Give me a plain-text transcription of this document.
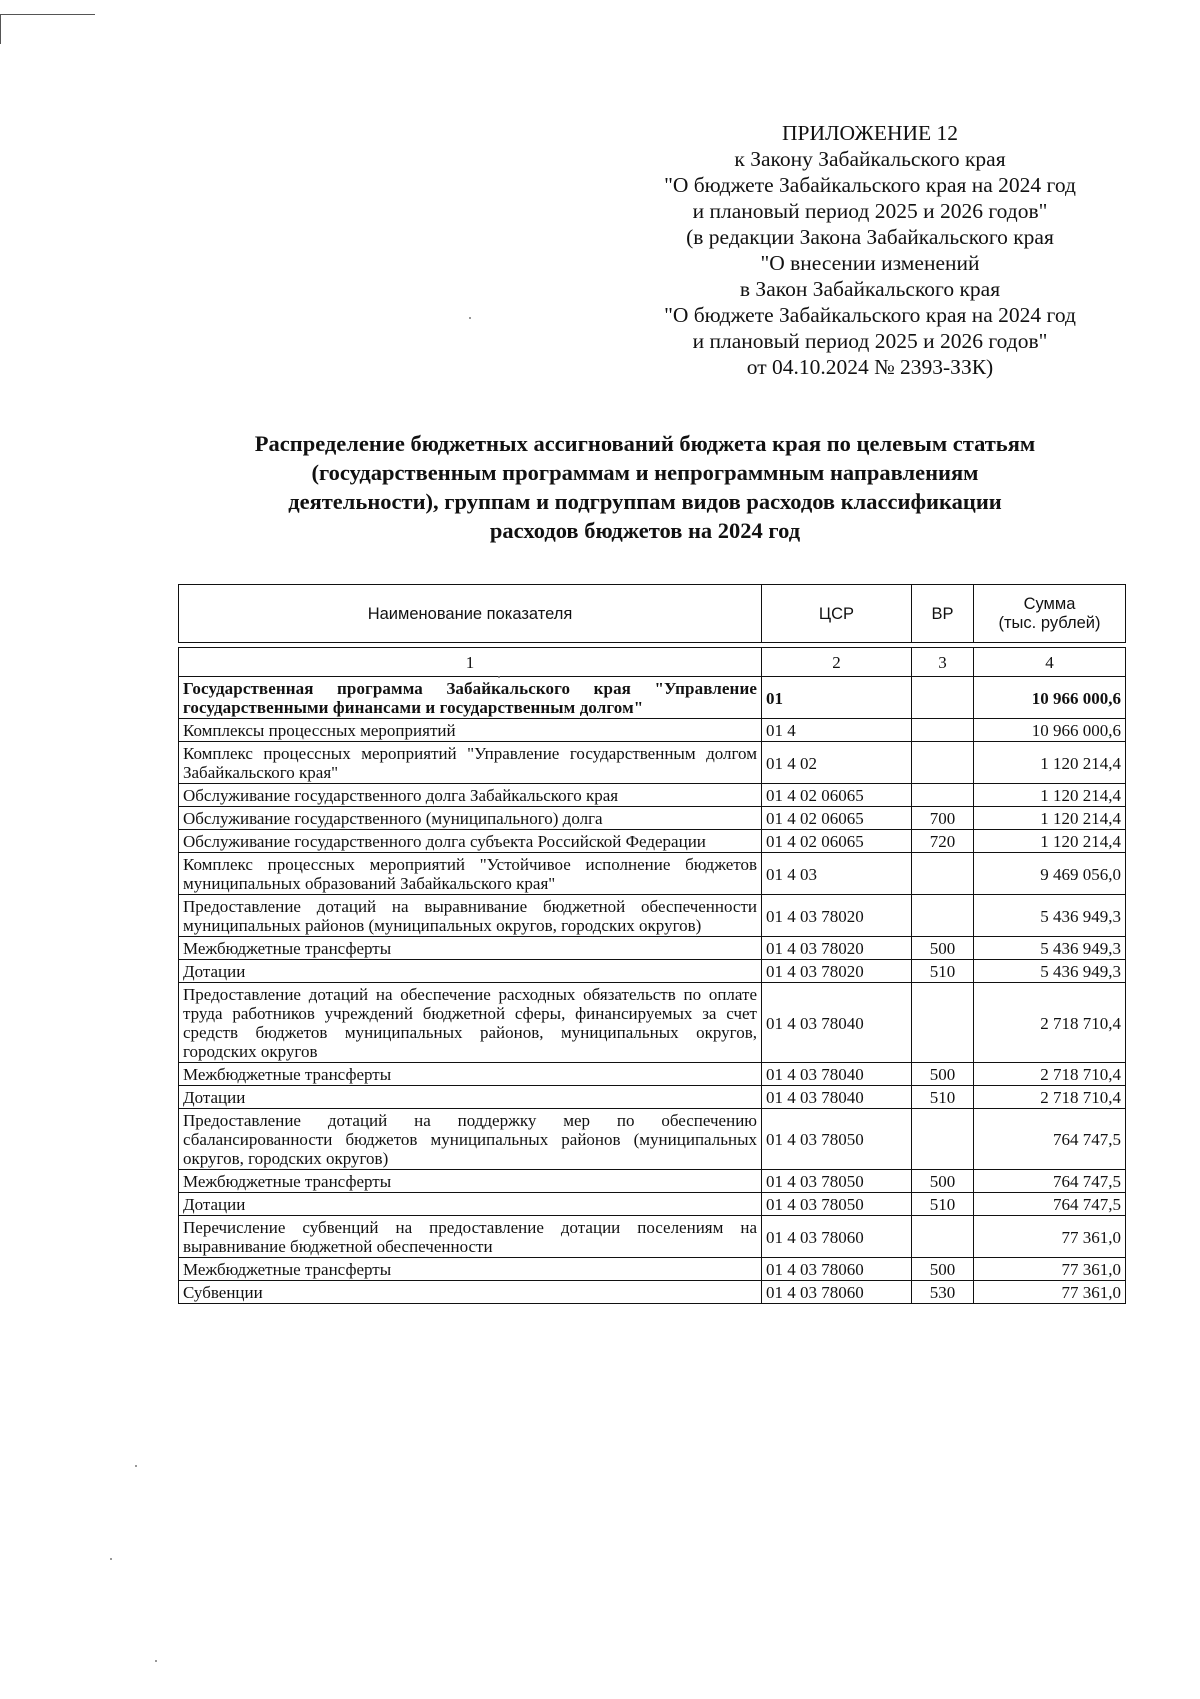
ПРИЛОЖЕНИЕ 12
к Закону Забайкальского края
"О бюджете Забайкальского края на 2024 год
и плановый период 2025 и 2026 годов"
(в редакции Закона Забайкальского края
"О внесении изменений
в Закон Забайкальского края
"О бюджете Забайкальского края на 2024 год
и плановый период 2025 и 2026 годов"
от 04.10.2024 № 2393-ЗЗК)
Распределение бюджетных ассигнований бюджета края по целевым статьям
(государственным программам и непрограммным направлениям
деятельности), группам и подгруппам видов расходов классификации
расходов бюджетов на 2024 год
Наименование показателя	ЦСР	ВР	Сумма
(тыс. рублей)

1	2	3	4
Государственная программа Забайкальского края "Управление государственными финансами и государственным долгом"	01		10 966 000,6
Комплексы процессных мероприятий	01 4		10 966 000,6
Комплекс процессных мероприятий "Управление государственным долгом Забайкальского края"	01 4 02		1 120 214,4
Обслуживание государственного долга Забайкальского края	01 4 02 06065		1 120 214,4
Обслуживание государственного (муниципального) долга	01 4 02 06065	700	1 120 214,4
Обслуживание государственного долга субъекта Российской Федерации	01 4 02 06065	720	1 120 214,4
Комплекс процессных мероприятий "Устойчивое исполнение бюджетов муниципальных образований Забайкальского края"	01 4 03		9 469 056,0
Предоставление дотаций на выравнивание бюджетной обеспеченности муниципальных районов (муниципальных округов, городских округов)	01 4 03 78020		5 436 949,3
Межбюджетные трансферты	01 4 03 78020	500	5 436 949,3
Дотации	01 4 03 78020	510	5 436 949,3
Предоставление дотаций на обеспечение расходных обязательств по оплате труда работников учреждений бюджетной сферы, финансируемых за счет средств бюджетов муниципальных районов, муниципальных округов, городских округов	01 4 03 78040		2 718 710,4
Межбюджетные трансферты	01 4 03 78040	500	2 718 710,4
Дотации	01 4 03 78040	510	2 718 710,4
Предоставление дотаций на поддержку мер по обеспечению сбалансированности бюджетов муниципальных районов (муниципальных округов, городских округов)	01 4 03 78050		764 747,5
Межбюджетные трансферты	01 4 03 78050	500	764 747,5
Дотации	01 4 03 78050	510	764 747,5
Перечисление субвенций на предоставление дотации поселениям на выравнивание бюджетной обеспеченности	01 4 03 78060		77 361,0
Межбюджетные трансферты	01 4 03 78060	500	77 361,0
Субвенции	01 4 03 78060	530	77 361,0
